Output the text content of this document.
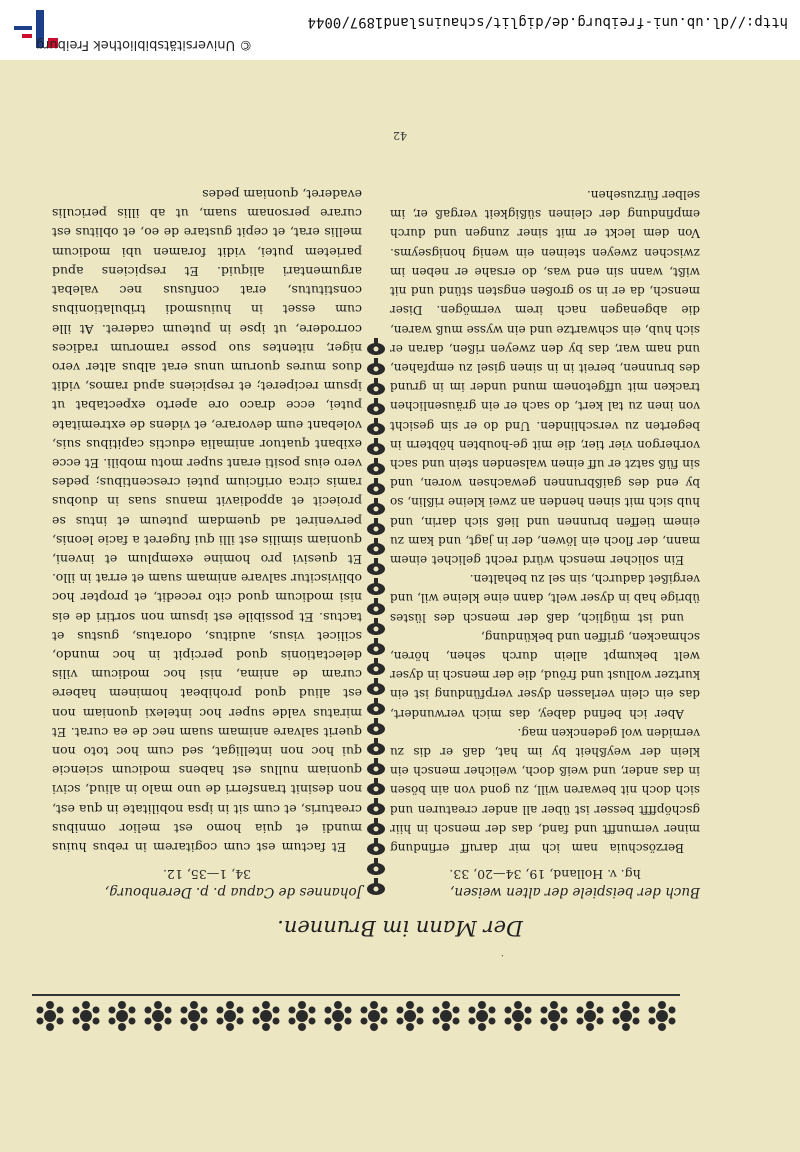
© Universitätsbibliothek Freiburg
http://dl.ub.uni-freiburg.de/diglit/schauinsland1897/0044
·
Der Mann im Brunnen.

Buch der beispiele der alten weisen,

hg. v. Holland, 19, 34—20, 33.

Berzöschuia nam ich mir daruff erfindung miner vernunfft und fand, das der mensch in hiir gschöpffft besser ist über all ander creaturen und sich doch nit bewaren will, zu gond von ain bösen in das ander, und weiß doch, welicher mensch ein klein der weyßheit by im hat, daß er dis zu verniden wol gedencken mag.

Aber ich befind dabey, das mich verwundert, das ein clein verlassen dyser verpfündung ist ein kurtzer wollust und fröud, die der mensch in dyser welt bekumpt allein durch sehen, hören, schmacken, griffen und bekündung,

und ist müglich, daß der mensch des lüstes übrige hab in dyser welt, dann eine kleine wil, und vergißet dadurch, sin sel zu behalten.

Ein solicher mensch würd recht gelichet einem mann, der floch ein löwen, der in jagt, und kam zu einem tieffen brunnen und ließ sich darin, und hub sich mit sinen henden an zwei kleine rißlin, so by end des gaißbrunnen gewachsen woren, und sin füß satzt er uff einen walsenden stein und sach vorhergon vier tier, die mit ge-houbten höbtern in begerten zu verschlinden. Und do er sin gesicht von inen zu tal kert, do sach er ein gräusenlichen tracken mit uffgetonem mund under im in grund des brunnen, bereit in in sinen gisel zu empfahen, und nam war, das by den zweyen rißen, daran er sich hub, ein schwartze und ein wysse muß waren, die abgenagen nach irem vermögen. Diser mensch, da er in so großen engsten stünd und nit wißt, wann sin end was, do ersahe er neben im zwischen zweyen steinen ein wenig honigseyms. Von dem leckt er mit siner zungen und durch empfindung der cleinen süßigkeit vergaß er, im selber fürzusehen.

Johannes de Capua p. p. Derenbourg,

34, 1—35, 12.

Et factum est cum cogitarem in rebus huius mundi et quia homo est melior omnibus creaturis, et cum sit in ipsa nobilitate in qua est, non desinit transferri de uno malo in aliud, scivi quoniam nullus est habens modicum sciencie qui hoc non intelligat, sed cum hoc toto non querit salvare animam suam nec de ea curat. Et miratus valde super hoc intelexi quoniam non est aliud quod prohibeat hominem habere curam de anima, nisi hoc modicum vilis delectationis quod percipit in hoc mundo, scilicet visus, auditus, odoratus, gustus et tactus. Et possibile est ipsum non sortiri de eis nisi modicum quod cito recedit, et propter hoc obliviscitur salvare animam suam et errat in illo. Et quesivi pro homine exemplum et inveni, quoniam similis est illi qui fugeret a facie leonis, perveniret ad quemdam puteum et intus se proiecit et appodiavit manus suas in duobus ramis circa orificium putei crescentibus; pedes vero eius positi erant super motu mobili. Et ecce exibant quatuor animalia eductis capitibus suis, volebant eum devorare, et videns de extremitate putei, ecce draco ore aperto expectabat ut ipsum reciperet; et respiciens apud ramos, vidit duos mures quorum unus erat albus alter vero niger, nitentes suo posse ramorum radices corrodere, ut ipse in puteum caderet. At ille cum esset in huiusmodi tribulationibus constitutus, erat confusus nec valebat argumentari aliquid. Et respiciens apud parietem putei, vidit foramen ubi modicum mellis erat, et cepit gustare de eo, et oblitus est curare personam suam, ut ab illis periculis evaderet, quoniam pedes

42
